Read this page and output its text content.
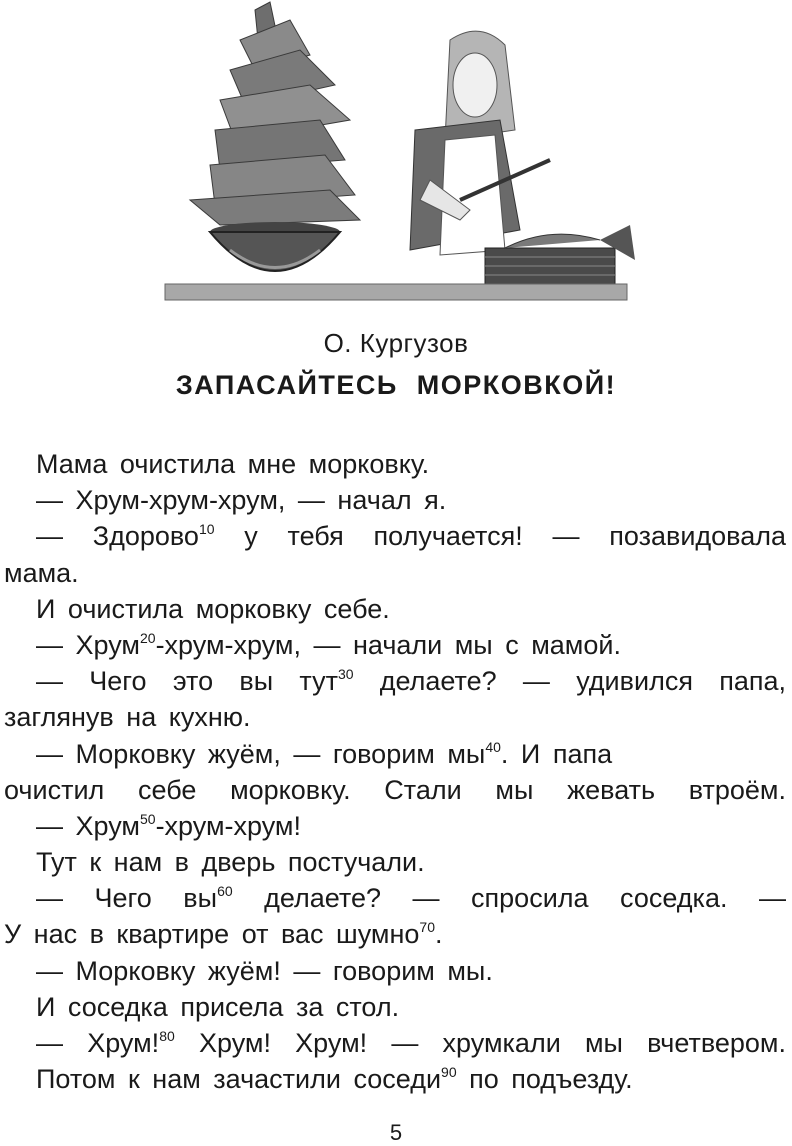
О. Кургузов
ЗАПАСАЙТЕСЬ МОРКОВКОЙ!
Мама очистила мне морковку.
— Хрум-хрум-хрум, — начал я.
— Здорово$^{10}$ у тебя получается! — позавидовала
мама.
И очистила морковку себе.
— Хрум$^{20}$-хрум-хрум, — начали мы с мамой.
— Чего это вы тут$^{30}$ делаете? — удивился папа,
заглянув на кухню.
— Морковку жуём, — говорим $мы^{40}$. И папа
очистил себе морковку. Стали мы жевать втроём.
— Хрум$^{50}$-хрум-хрум!
Тут к нам в дверь постучали.
— Чего $вы^{60}$ делаете? — спросила соседка. —
У нас в квартире от вас шумно$^{70}$.
— Морковку жуём! — говорим мы.
И соседка присела за стол.
— Хрум!$^{80}$ Хрум! Хрум! — хрумкали мы вчетвером.
Потом к нам зачастили соседи$^{90}$ по подъезду.
5
